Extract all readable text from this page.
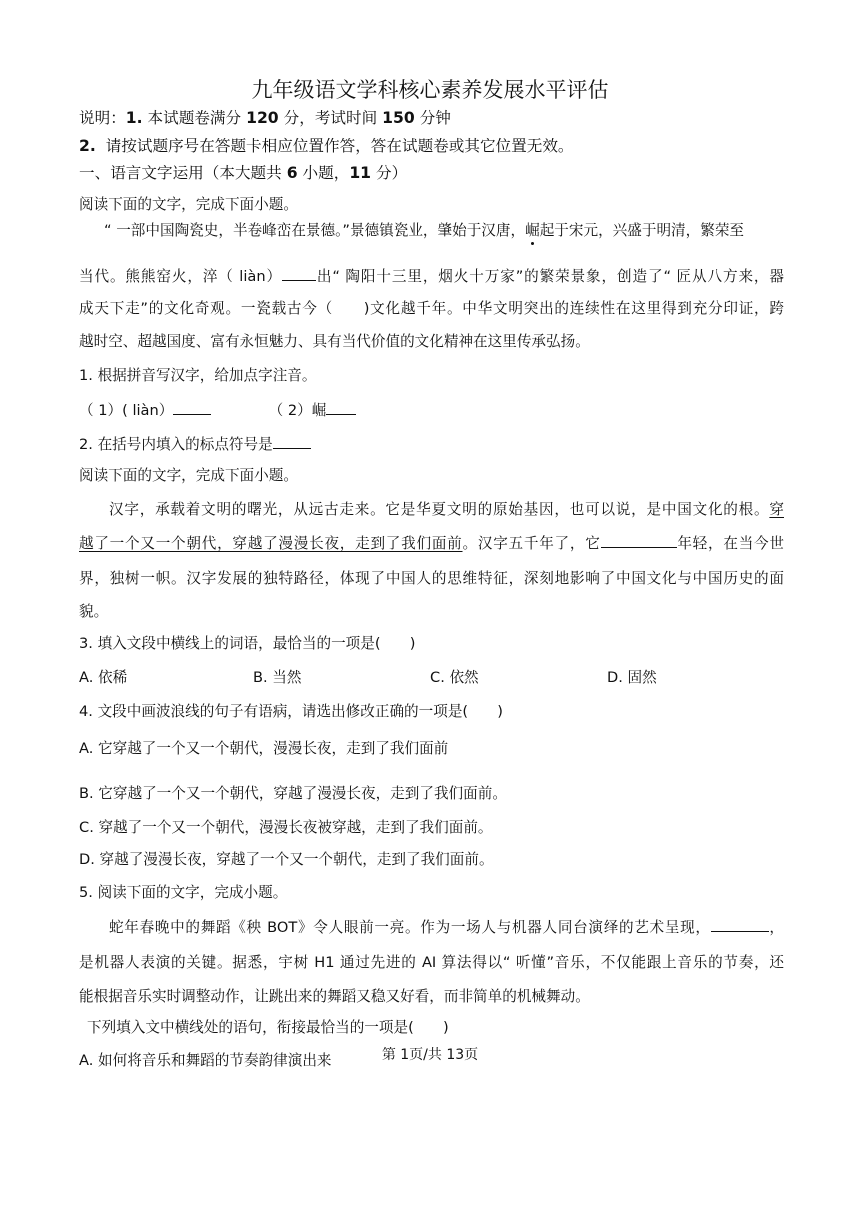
九年级语文学科核心素养发展水平评估
说明：1. 本试题卷满分 120 分，考试时间 150 分钟
2. 请按试题序号在答题卡相应位置作答，答在试题卷或其它位置无效。
一、语言文字运用（本大题共 6 小题，11 分）
阅读下面的文字，完成下面小题。
“ 一部中国陶瓷史，半卷峰峦在景德。”景德镇瓷业，肇始于汉唐，崛起于宋元，兴盛于明清，繁荣至
当代。熊熊窑火，淬（ liàn） 出“ 陶阳十三里，烟火十万家”的繁荣景象，创造了“ 匠从八方来，器
成天下走”的文化奇观。一瓷载古今（　　)文化越千年。中华文明突出的连续性在这里得到充分印证，跨
越时空、超越国度、富有永恒魅力、具有当代价值的文化精神在这里传承弘扬。
1. 根据拼音写汉字，给加点字注音。
（ 1）( liàn）	（ 2）崛
2. 在括号内填入的标点符号是
阅读下面的文字，完成下面小题。
汉字，承载着文明的曙光，从远古走来。它是华夏文明的原始基因，也可以说，是中国文化的根。穿
越了一个又一个朝代，穿越了漫漫长夜，走到了我们面前。汉字五千年了，它	年轻，在当今世
界，独树一帜。汉字发展的独特路径，体现了中国人的思维特征，深刻地影响了中国文化与中国历史的面
貌。
3. 填入文段中横线上的词语，最恰当的一项是(　　)
A. 依稀	B. 当然	C. 依然	D. 固然
4. 文段中画波浪线的句子有语病，请选出修改正确的一项是(　　)
A. 它穿越了一个又一个朝代，漫漫长夜，走到了我们面前
B. 它穿越了一个又一个朝代，穿越了漫漫长夜，走到了我们面前。
C. 穿越了一个又一个朝代，漫漫长夜被穿越，走到了我们面前。
D. 穿越了漫漫长夜，穿越了一个又一个朝代，走到了我们面前。
5. 阅读下面的文字，完成小题。
蛇年春晚中的舞蹈《秧 BOT》令人眼前一亮。作为一场人与机器人同台演绎的艺术呈现，	，
是机器人表演的关键。据悉，宇树 H1 通过先进的 AI 算法得以“ 听懂”音乐，不仅能跟上音乐的节奏，还
能根据音乐实时调整动作，让跳出来的舞蹈又稳又好看，而非简单的机械舞动。
下列填入文中横线处的语句，衔接最恰当的一项是(　　)
A. 如何将音乐和舞蹈的节奏韵律演出来	第 1页/共 13页
